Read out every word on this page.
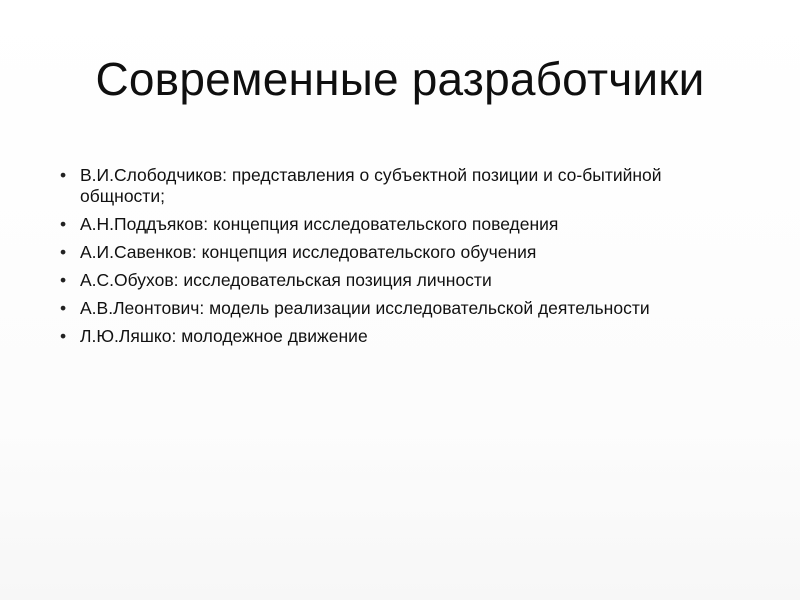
Современные разработчики
• В.И.Слободчиков: представления о субъектной позиции и со-бытийной общности;
• А.Н.Поддъяков: концепция исследовательского поведения
• А.И.Савенков: концепция исследовательского обучения
• А.С.Обухов: исследовательская позиция личности
• А.В.Леонтович: модель реализации исследовательской деятельности
• Л.Ю.Ляшко: молодежное движение
